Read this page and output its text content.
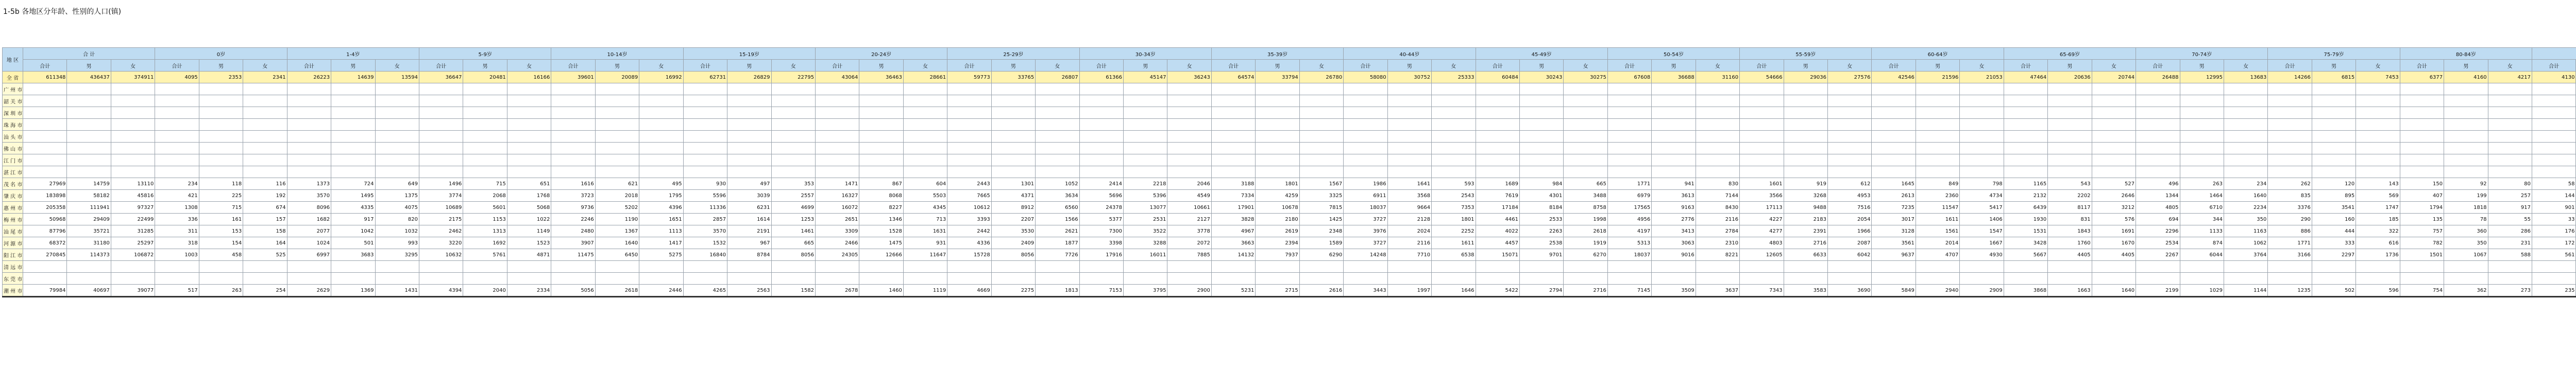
1-5b 各地区分年龄、性别的人口(镇)
地 区	合 计	0岁	1-4岁	5-9岁	10-14岁	15-19岁	20-24岁	25-29岁	30-34岁	35-39岁	40-44岁	45-49岁	50-54岁	55-59岁	60-64岁	65-69岁	70-74岁	75-79岁	80-84岁				
合计	男	女	合计	男	女	合计	男	女	合计	男	女	合计	男	女	合计	男	女	合计	男	女	合计	男	女	合计	男	女	合计	男	女	合计	男	女	合计	男	女	合计	男	女	合计	男	女	合计	男	女	合计	男	女	合计	男	女	合计	男	女	合计	男	女	合计											
全 省	611348	436437	374911	4095	2353	2341	26223	14639	13594	36647	20481	16166	39601	20089	16992	62731	26829	22795	43064	36463	28661	59773	33765	26807	61366	45147	36243	64574	33794	26780	58080	30752	25333	60484	30243	30275	67608	36688	31160	54666	29036	27576	42546	21596	21053	47464	20636	20744	26488	12995	13683	14266	6815	7453	6377	4160	4217	4130											
广 州 市																																																																					
韶 关 市																																																																					
深 圳 市																																																																					
珠 海 市																																																																					
汕 头 市																																																																					
佛 山 市																																																																					
江 门 市																																																																					
湛 江 市																																																																					
茂 名 市	27969	14759	13110	234	118	116	1373	724	649	1496	715	651	1616	621	495	930	497	353	1471	867	604	2443	1301	1052	2414	2218	2046	3188	1801	1567	1986	1641	593	1689	984	665	1771	941	830	1601	919	612	1645	849	798	1165	543	527	496	263	234	262	120	143	150	92	80	58											
肇 庆 市	183898	58182	45816	421	225	192	3570	1495	1375	3774	2068	1768	3723	2018	1795	5596	3039	2557	16327	8068	5503	7665	4371	3634	5696	5396	4549	7334	4259	3325	6911	3568	2543	7619	4301	3488	6979	3613	7144	3566	3268	4953	2613	2360	4734	2132	2202	2646	1344	1464	1640	835	895	569	407	199	257	144											
惠 州 市	205358	111941	97327	1308	715	674	8096	4335	4075	10689	5601	5068	9736	5202	4396	11336	6231	4699	16072	8227	4345	10612	8912	6560	24378	13077	10661	17901	10678	7815	18037	9664	7353	17184	8184	8758	17565	9163	8430	17113	9488	7516	7235	11547	5417	6439	8117	3212	4805	6710	2234	3376	3541	1747	1794	1818	917	901											
梅 州 市	50968	29409	22499	336	161	157	1682	917	820	2175	1153	1022	2246	1190	1651	2857	1614	1253	2651	1346	713	3393	2207	1566	5377	2531	2127	3828	2180	1425	3727	2128	1801	4461	2533	1998	4956	2776	2116	4227	2183	2054	3017	1611	1406	1930	831	576	694	344	350	290	160	185	135	78	55	33											
汕 尾 市	87796	35721	31285	311	153	158	2077	1042	1032	2462	1313	1149	2480	1367	1113	3570	2191	1461	3309	1528	1631	2442	3530	2621	7300	3522	3778	4967	2619	2348	3976	2024	2252	4022	2263	2618	4197	3413	2784	4277	2391	1966	3128	1561	1547	1531	1843	1691	2296	1133	1163	886	444	322	757	360	286	176											
河 源 市	68372	31180	25297	318	154	164	1024	501	993	3220	1692	1523	3907	1640	1417	1532	967	665	2466	1475	931	4336	2409	1877	3398	3288	2072	3663	2394	1589	3727	2116	1611	4457	2538	1919	5313	3063	2310	4803	2716	2087	3561	2014	1667	3428	1760	1670	2534	874	1062	1771	333	616	782	350	231	172											
阳 江 市	270845	114373	106872	1003	458	525	6997	3683	3295	10632	5761	4871	11475	6450	5275	16840	8784	8056	24305	12666	11647	15728	8056	7726	17916	16011	7885	14132	7937	6290	14248	7710	6538	15071	9701	6270	18037	9016	8221	12605	6633	6042	9637	4707	4930	5667	4405	4405	2267	6044	3764	3166	2297	1736	1501	1067	588	561											
清 远 市																																																																					
东 莞 市																																																																					
潮 州 市	79984	40697	39077	517	263	254	2629	1369	1431	4394	2040	2334	5056	2618	2446	4265	2563	1582	2678	1460	1119	4669	2275	1813	7153	3795	2900	5231	2715	2616	3443	1997	1646	5422	2794	2716	7145	3509	3637	7343	3583	3690	5849	2940	2909	3868	1663	1640	2199	1029	1144	1235	502	596	754	362	273	235											
